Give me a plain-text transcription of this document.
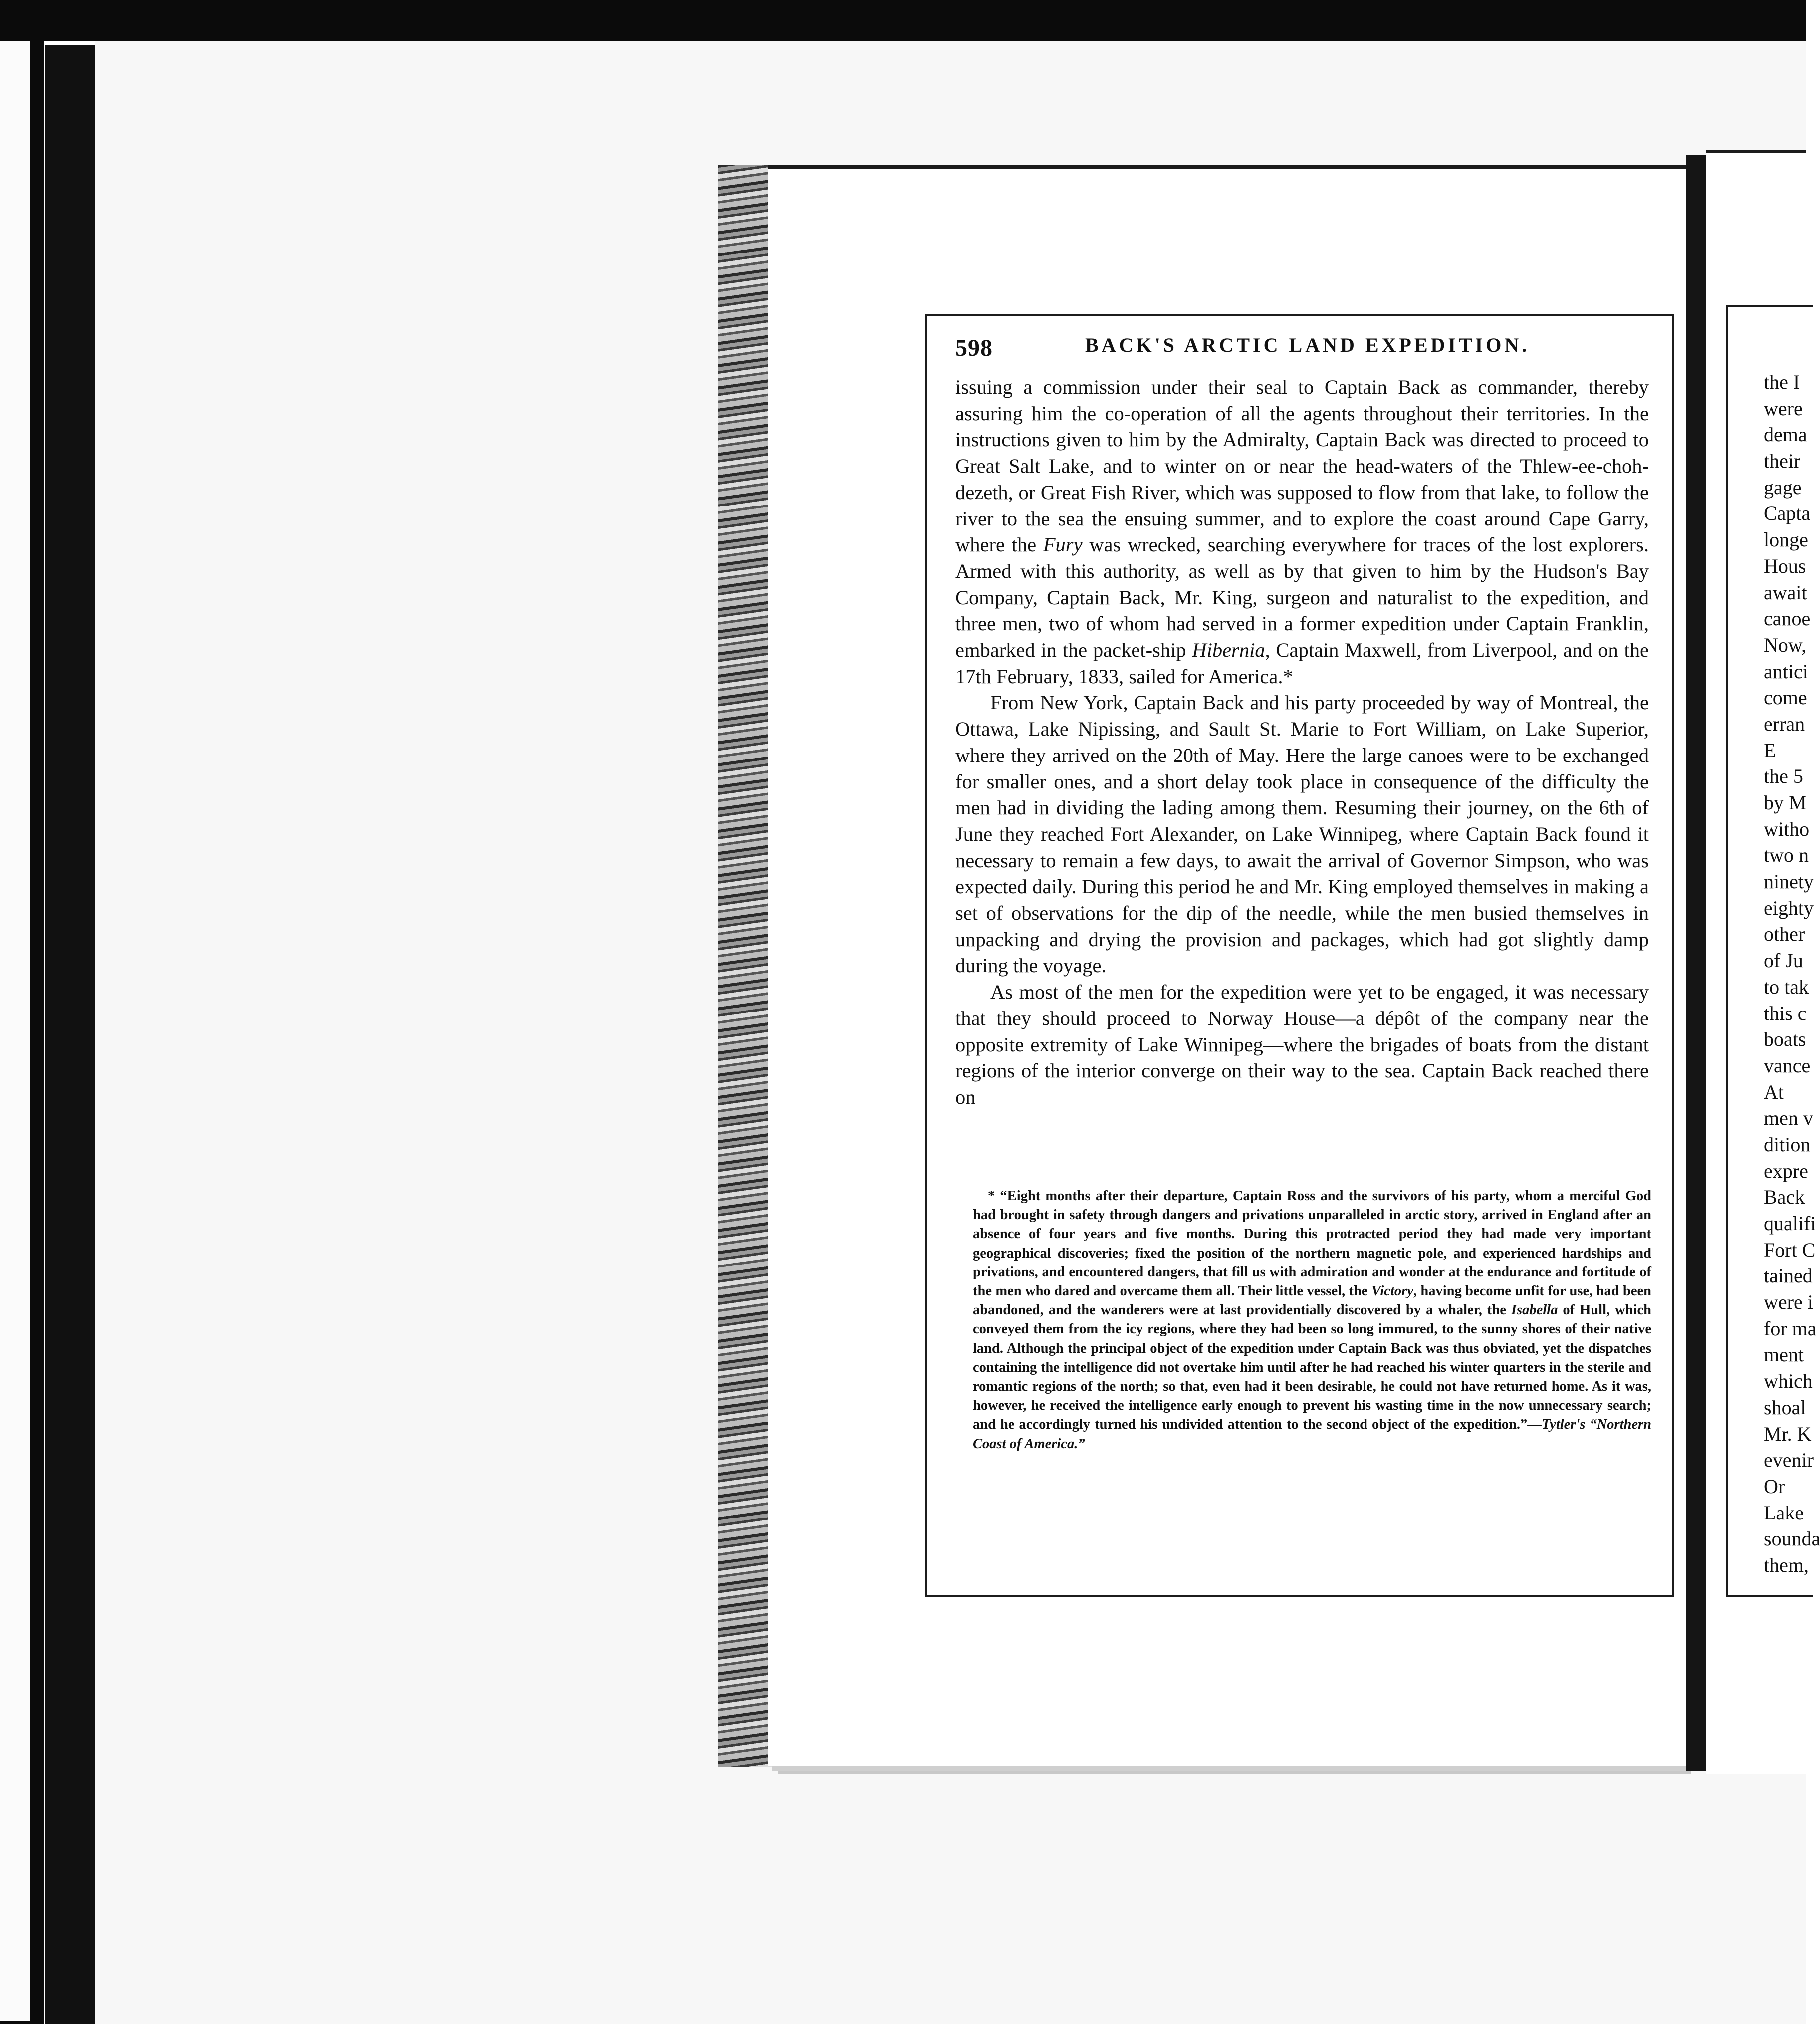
598	BACK'S ARCTIC LAND EXPEDITION.

issuing a commission under their seal to Captain Back as commander, thereby assuring him the co-operation of all the agents throughout their territories. In the instructions given to him by the Admiralty, Captain Back was directed to proceed to Great Salt Lake, and to winter on or near the head-waters of the Thlew-ee-choh-dezeth, or Great Fish River, which was supposed to flow from that lake, to follow the river to the sea the ensuing summer, and to explore the coast around Cape Garry, where the Fury was wrecked, searching everywhere for traces of the lost explorers. Armed with this authority, as well as by that given to him by the Hudson's Bay Company, Captain Back, Mr. King, surgeon and naturalist to the expedition, and three men, two of whom had served in a former expedition under Captain Franklin, embarked in the packet-ship Hibernia, Captain Maxwell, from Liverpool, and on the 17th February, 1833, sailed for America.*

From New York, Captain Back and his party proceeded by way of Montreal, the Ottawa, Lake Nipissing, and Sault St. Marie to Fort William, on Lake Superior, where they arrived on the 20th of May. Here the large canoes were to be exchanged for smaller ones, and a short delay took place in consequence of the difficulty the men had in dividing the lading among them. Resuming their journey, on the 6th of June they reached Fort Alexander, on Lake Winnipeg, where Captain Back found it necessary to remain a few days, to await the arrival of Governor Simpson, who was expected daily. During this period he and Mr. King employed themselves in making a set of observations for the dip of the needle, while the men busied themselves in unpacking and drying the provision and packages, which had got slightly damp during the voyage.

As most of the men for the expedition were yet to be engaged, it was necessary that they should proceed to Norway House—a dépôt of the company near the opposite extremity of Lake Winnipeg—where the brigades of boats from the distant regions of the interior converge on their way to the sea. Captain Back reached there on

* “Eight months after their departure, Captain Ross and the survivors of his party, whom a merciful God had brought in safety through dangers and privations unparalleled in arctic story, arrived in England after an absence of four years and five months. During this protracted period they had made very important geographical discoveries; fixed the position of the northern magnetic pole, and experienced hardships and privations, and encountered dangers, that fill us with admiration and wonder at the endurance and fortitude of the men who dared and overcame them all. Their little vessel, the Victory, having become unfit for use, had been abandoned, and the wanderers were at last providentially discovered by a whaler, the Isabella of Hull, which conveyed them from the icy regions, where they had been so long immured, to the sunny shores of their native land. Although the principal object of the expedition under Captain Back was thus obviated, yet the dispatches containing the intelligence did not overtake him until after he had reached his winter quarters in the sterile and romantic regions of the north; so that, even had it been desirable, he could not have returned home. As it was, however, he received the intelligence early enough to prevent his wasting time in the now unnecessary search; and he accordingly turned his undivided attention to the second object of the expedition.”—Tytler's “Northern Coast of America.”

the I
were
dema
their
gage
Capta
longe
Hous
await
canoe
Now,
antici
come
erran
E
the 5
by M
witho
two n
ninety
eighty
other
of Ju
to tak
this c
boats
vance
At
men v
dition
expre
Back
qualifi
Fort C
tained
were i
for ma
ment
which
shoal
Mr. K
evenir
Or
Lake
sounda
them,
